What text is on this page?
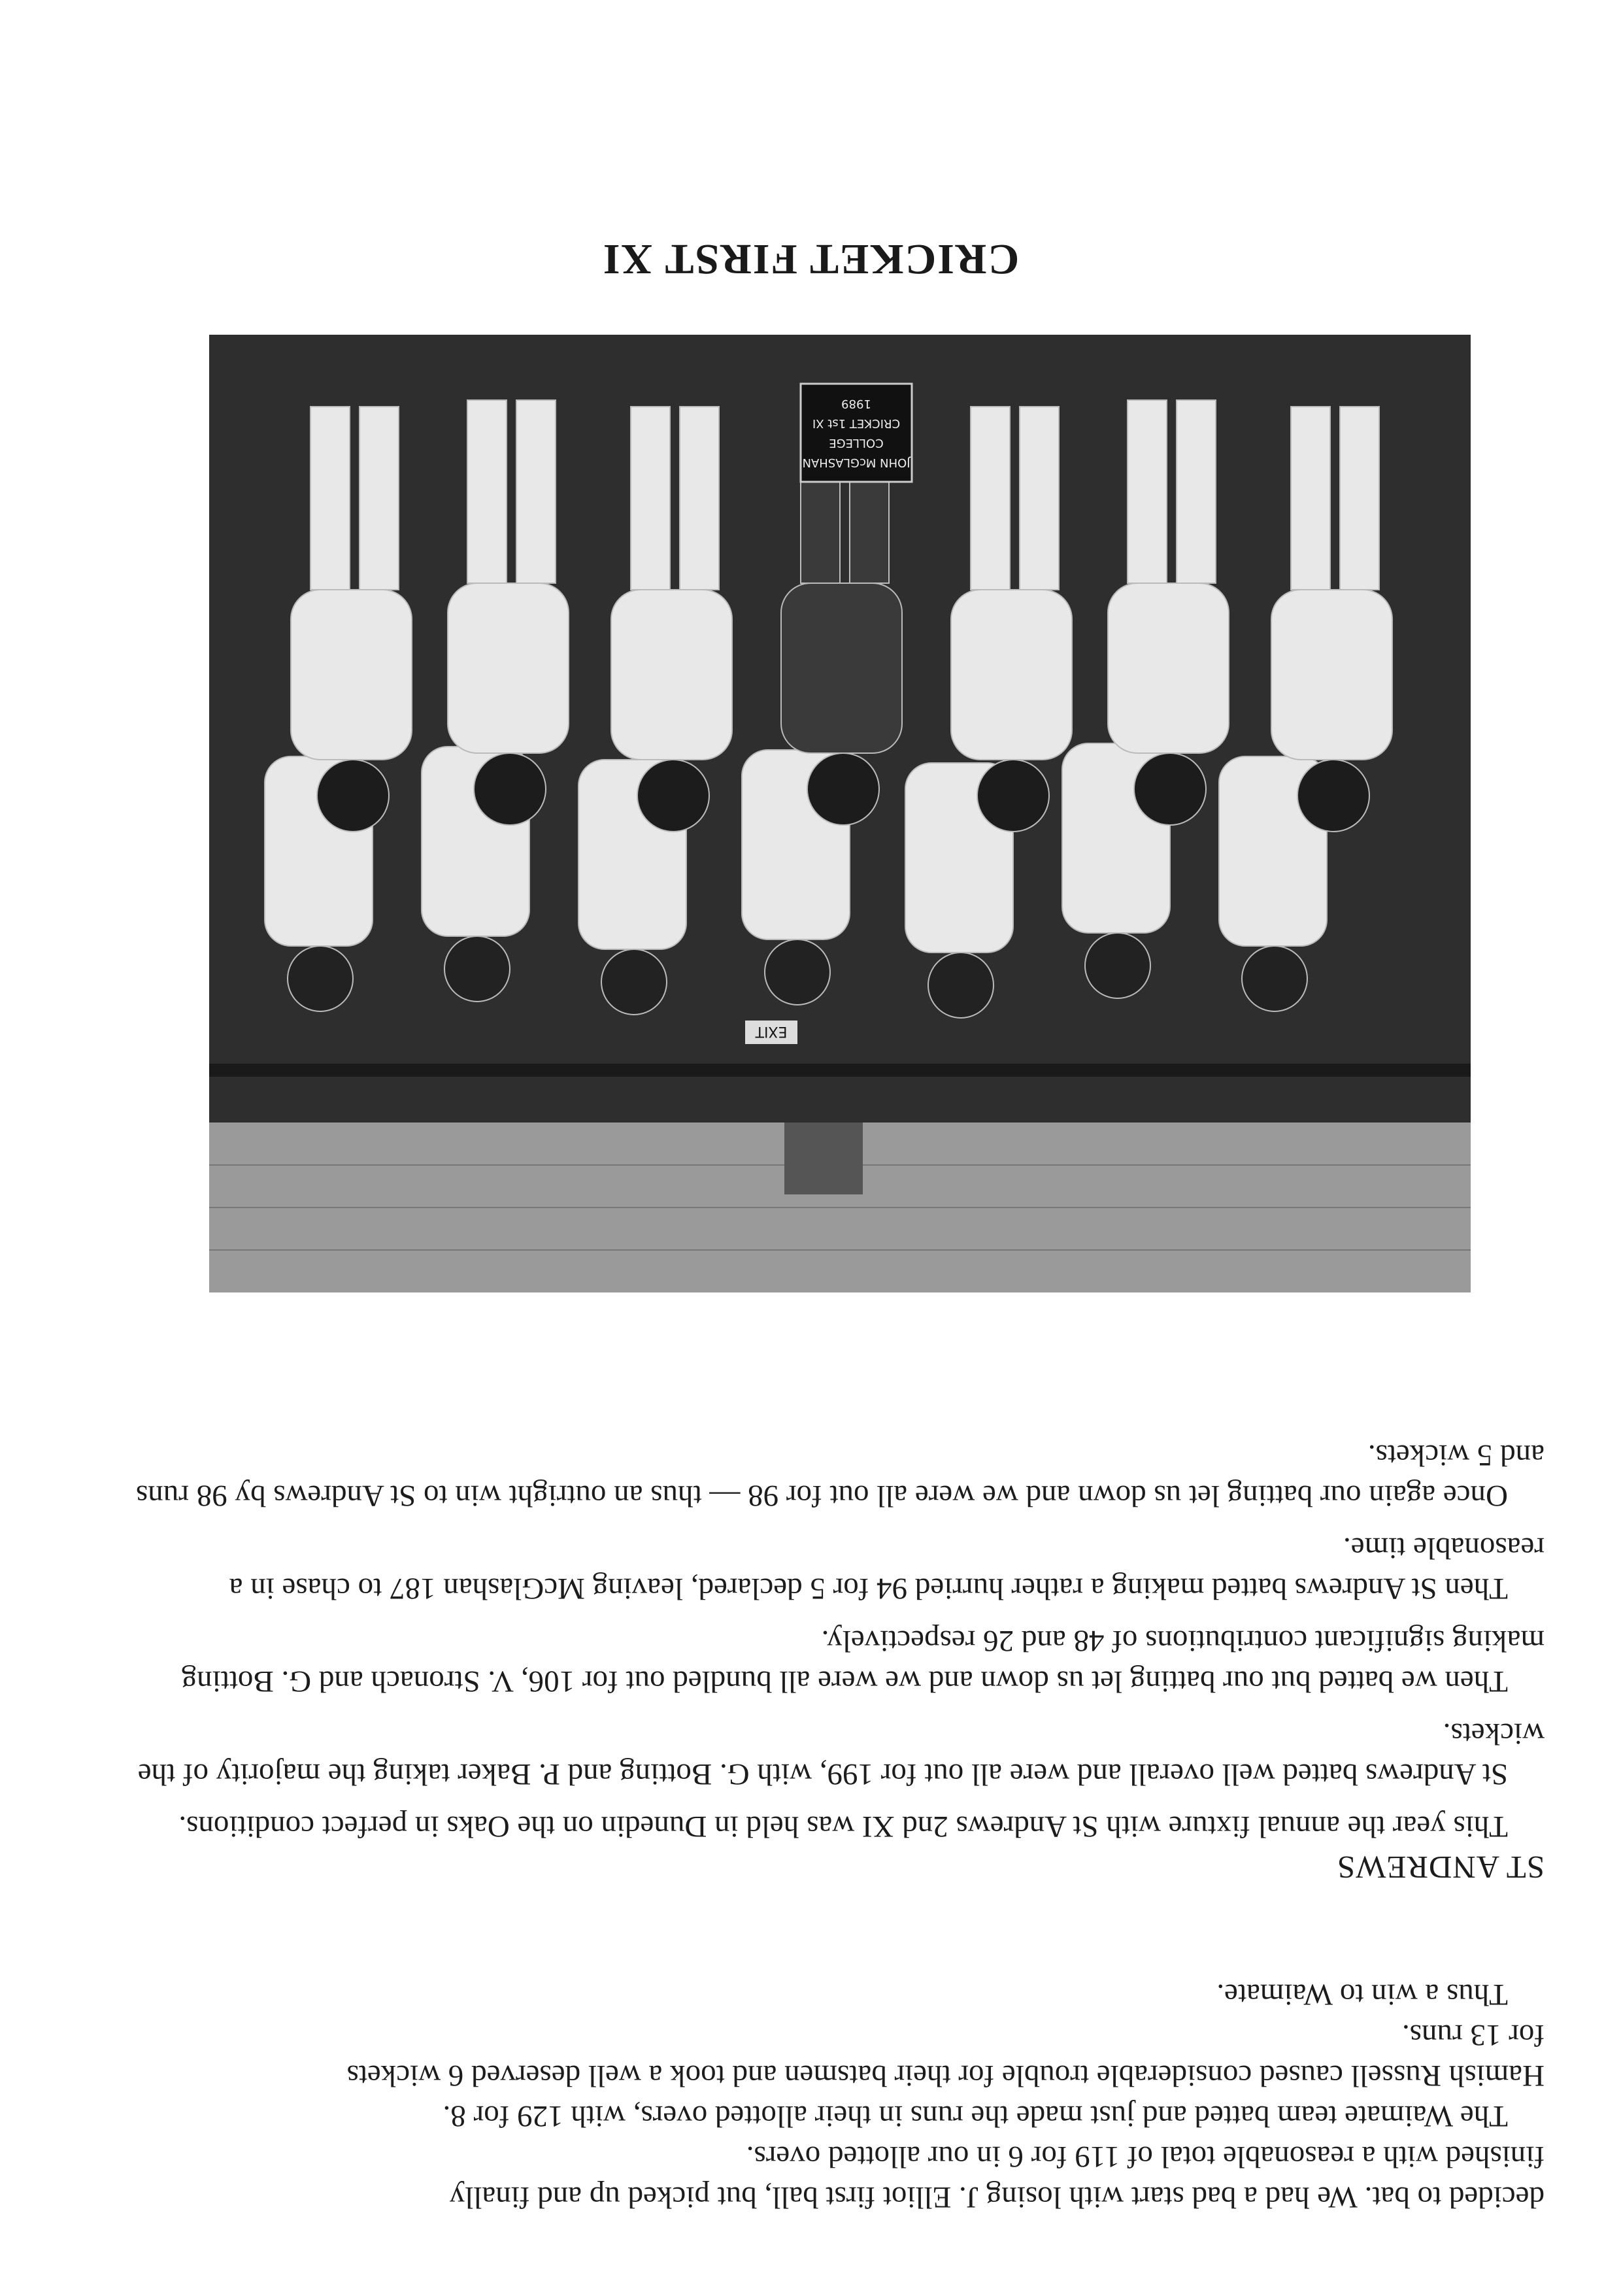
decided to bat. We had a bad start with losing J. Elliot first ball, but picked up and finally

finished with a reasonable total of 119 for 6 in our allotted overs.

The Waimate team batted and just made the runs in their allotted overs, with 129 for 8.

Hamish Russell caused considerable trouble for their batsmen and took a well deserved 6 wickets

for 13 runs.

Thus a win to Waimate.

ST ANDREWS

This year the annual fixture with St Andrews 2nd XI was held in Dunedin on the Oaks in perfect conditions.

St Andrews batted well overall and were all out for 199, with G. Botting and P. Baker taking the majority of the wickets.

Then we batted but our batting let us down and we were all bundled out for 106, V. Stronach and G. Botting making significant contributions of 48 and 26 respectively.

Then St Andrews batted making a rather hurried 94 for 5 declared, leaving McGlashan 187 to chase in a reasonable time.

Once again our batting let us down and we were all out for 98 — thus an outright win to St Andrews by 98 runs and 5 wickets.

EXIT
JOHN McGLASHAN
COLLEGE
CRICKET 1st XI
1989
CRICKET FIRST XI
